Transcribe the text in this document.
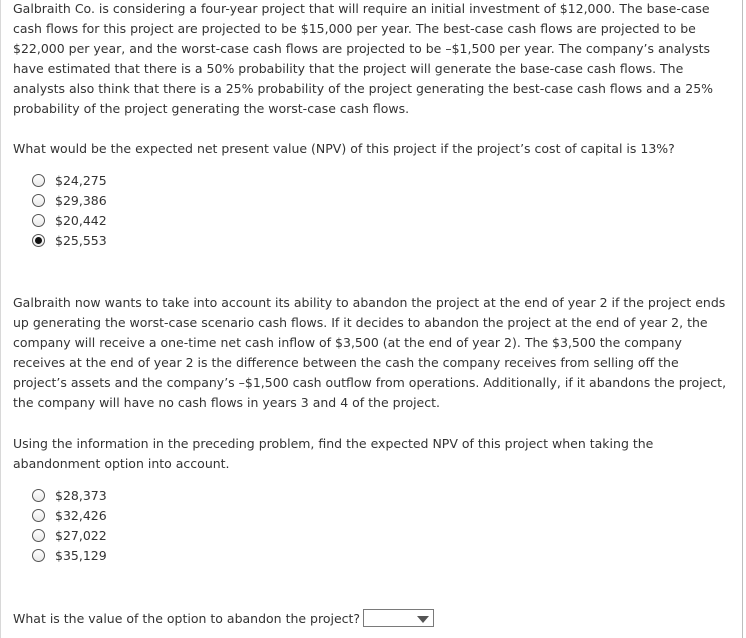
Galbraith Co. is considering a four-year project that will require an initial investment of $12,000. The base-case cash flows for this project are projected to be $15,000 per year. The best-case cash flows are projected to be $22,000 per year, and the worst-case cash flows are projected to be –$1,500 per year. The company’s analysts have estimated that there is a 50% probability that the project will generate the base-case cash flows. The analysts also think that there is a 25% probability of the project generating the best-case cash flows and a 25% probability of the project generating the worst-case cash flows.

What would be the expected net present value (NPV) of this project if the project’s cost of capital is 13%?

$24,275
$29,386
$20,442
$25,553

Galbraith now wants to take into account its ability to abandon the project at the end of year 2 if the project ends up generating the worst-case scenario cash flows. If it decides to abandon the project at the end of year 2, the company will receive a one-time net cash inflow of $3,500 (at the end of year 2). The $3,500 the company receives at the end of year 2 is the difference between the cash the company receives from selling off the project’s assets and the company’s –$1,500 cash outflow from operations. Additionally, if it abandons the project, the company will have no cash flows in years 3 and 4 of the project.

Using the information in the preceding problem, find the expected NPV of this project when taking the abandonment option into account.

$28,373
$32,426
$27,022
$35,129
What is the value of the option to abandon the project?
